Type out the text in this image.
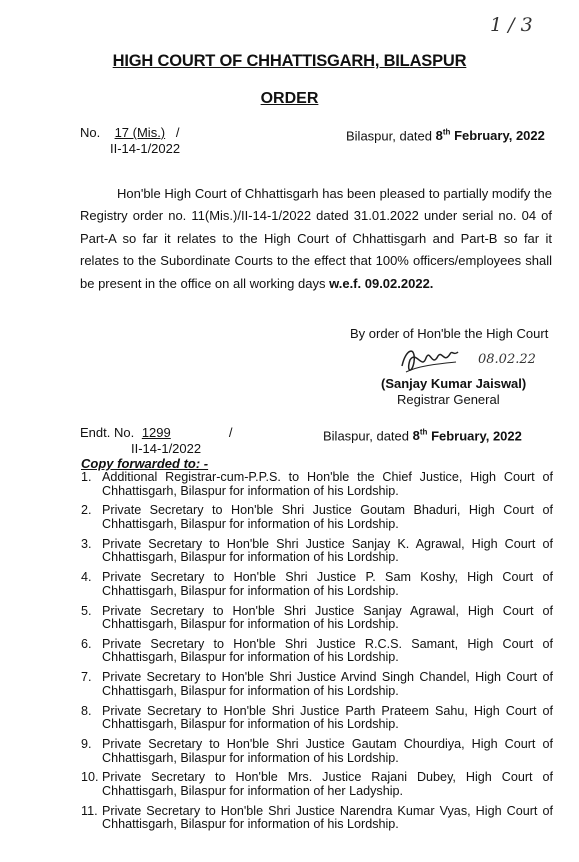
1 / 3
HIGH COURT OF CHHATTISGARH, BILASPUR
ORDER
No. 17 (Mis.) /
II-14-1/2022
Bilaspur, dated 8th February, 2022
Hon'ble High Court of Chhattisgarh has been pleased to partially modify the Registry order no. 11(Mis.)/II-14-1/2022 dated 31.01.2022 under serial no. 04 of Part-A so far it relates to the High Court of Chhattisgarh and Part-B so far it relates to the Subordinate Courts to the effect that 100% officers/employees shall be present in the office on all working days w.e.f. 09.02.2022.
By order of Hon'ble the High Court
08.02.22
(Sanjay Kumar Jaiswal)
Registrar General
Endt. No. 1299	/
II-14-1/2022
Bilaspur, dated 8th February, 2022
Copy forwarded to: -
1. Additional Registrar-cum-P.P.S. to Hon'ble the Chief Justice, High Court of Chhattisgarh, Bilaspur for information of his Lordship.
2. Private Secretary to Hon'ble Shri Justice Goutam Bhaduri, High Court of Chhattisgarh, Bilaspur for information of his Lordship.
3. Private Secretary to Hon'ble Shri Justice Sanjay K. Agrawal, High Court of Chhattisgarh, Bilaspur for information of his Lordship.
4. Private Secretary to Hon'ble Shri Justice P. Sam Koshy, High Court of Chhattisgarh, Bilaspur for information of his Lordship.
5. Private Secretary to Hon'ble Shri Justice Sanjay Agrawal, High Court of Chhattisgarh, Bilaspur for information of his Lordship.
6. Private Secretary to Hon'ble Shri Justice R.C.S. Samant, High Court of Chhattisgarh, Bilaspur for information of his Lordship.
7. Private Secretary to Hon'ble Shri Justice Arvind Singh Chandel, High Court of Chhattisgarh, Bilaspur for information of his Lordship.
8. Private Secretary to Hon'ble Shri Justice Parth Prateem Sahu, High Court of Chhattisgarh, Bilaspur for information of his Lordship.
9. Private Secretary to Hon'ble Shri Justice Gautam Chourdiya, High Court of Chhattisgarh, Bilaspur for information of his Lordship.
10. Private Secretary to Hon'ble Mrs. Justice Rajani Dubey, High Court of Chhattisgarh, Bilaspur for information of her Ladyship.
11. Private Secretary to Hon'ble Shri Justice Narendra Kumar Vyas, High Court of Chhattisgarh, Bilaspur for information of his Lordship.
